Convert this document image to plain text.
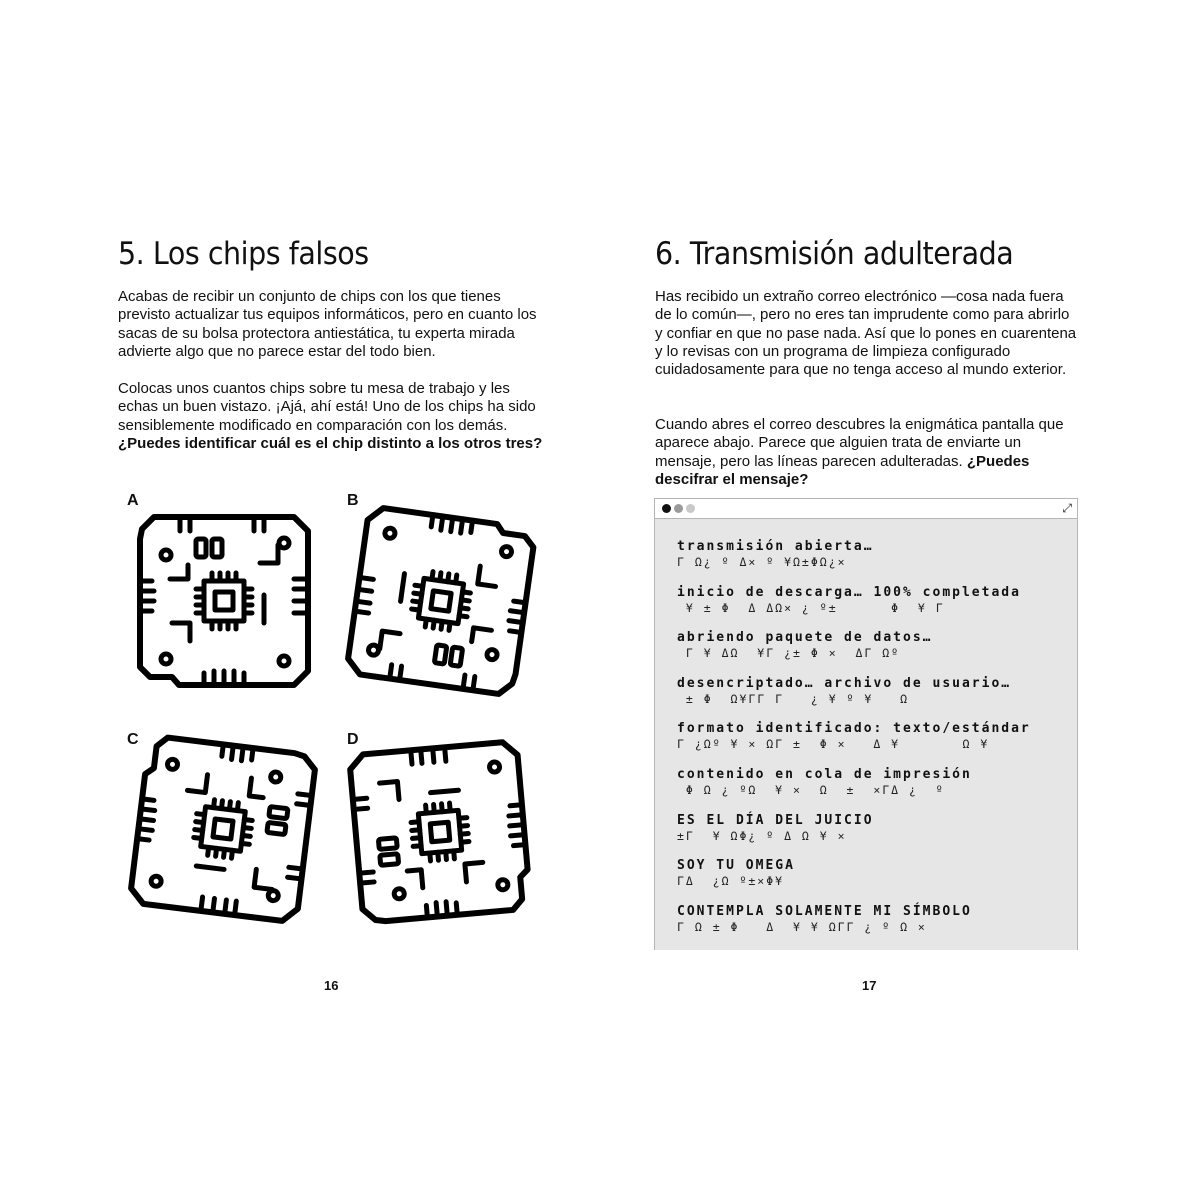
5. Los chips falsos

Acabas de recibir un conjunto de chips con los que tienes previsto actualizar tus equipos informáticos, pero en cuanto los sacas de su bolsa protectora antiestática, tu experta mirada advierte algo que no parece estar del todo bien.

Colocas unos cuantos chips sobre tu mesa de trabajo y les echas un buen vistazo. ¡Ajá, ahí está! Uno de los chips ha sido sensiblemente modificado en comparación con los demás. ¿Puedes identificar cuál es el chip distinto a los otros tres?

A	B
C	D
16
6. Transmisión adulterada

Has recibido un extraño correo electrónico —cosa nada fuera de lo común—, pero no eres tan imprudente como para abrirlo y confiar en que no pase nada. Así que lo pones en cuarentena y lo revisas con un programa de limpieza configurado cuidadosamente para que no tenga acceso al mundo exterior.

Cuando abres el correo descubres la enigmática pantalla que aparece abajo. Parece que alguien trata de enviarte un mensaje, pero las líneas parecen adulteradas. ¿Puedes descifrar el mensaje?

17
⤢
transmisión abierta…
Γ Ω¿ º Δ× º ¥Ω±ΦΩ¿×
inicio de descarga… 100% completada
¥ ± Φ  Δ ΔΩ× ¿ º±      Φ  ¥ Γ
abriendo paquete de datos…
Γ ¥ ΔΩ  ¥Γ ¿± Φ ×  ΔΓ Ωº
desencriptado… archivo de usuario…
± Φ  Ω¥ΓΓ Γ   ¿ ¥ º ¥   Ω
formato identificado: texto/estándar
Γ ¿Ωº ¥ × ΩΓ ±  Φ ×   Δ ¥       Ω ¥
contenido en cola de impresión
Φ Ω ¿ ºΩ  ¥ ×  Ω  ±  ×ΓΔ ¿  º
ES EL DÍA DEL JUICIO
±Γ  ¥ ΩΦ¿ º Δ Ω ¥ ×
SOY TU OMEGA
ΓΔ  ¿Ω º±×Φ¥
CONTEMPLA SOLAMENTE MI SÍMBOLO
Γ Ω ± Φ   Δ  ¥ ¥ ΩΓΓ ¿ º Ω ×
